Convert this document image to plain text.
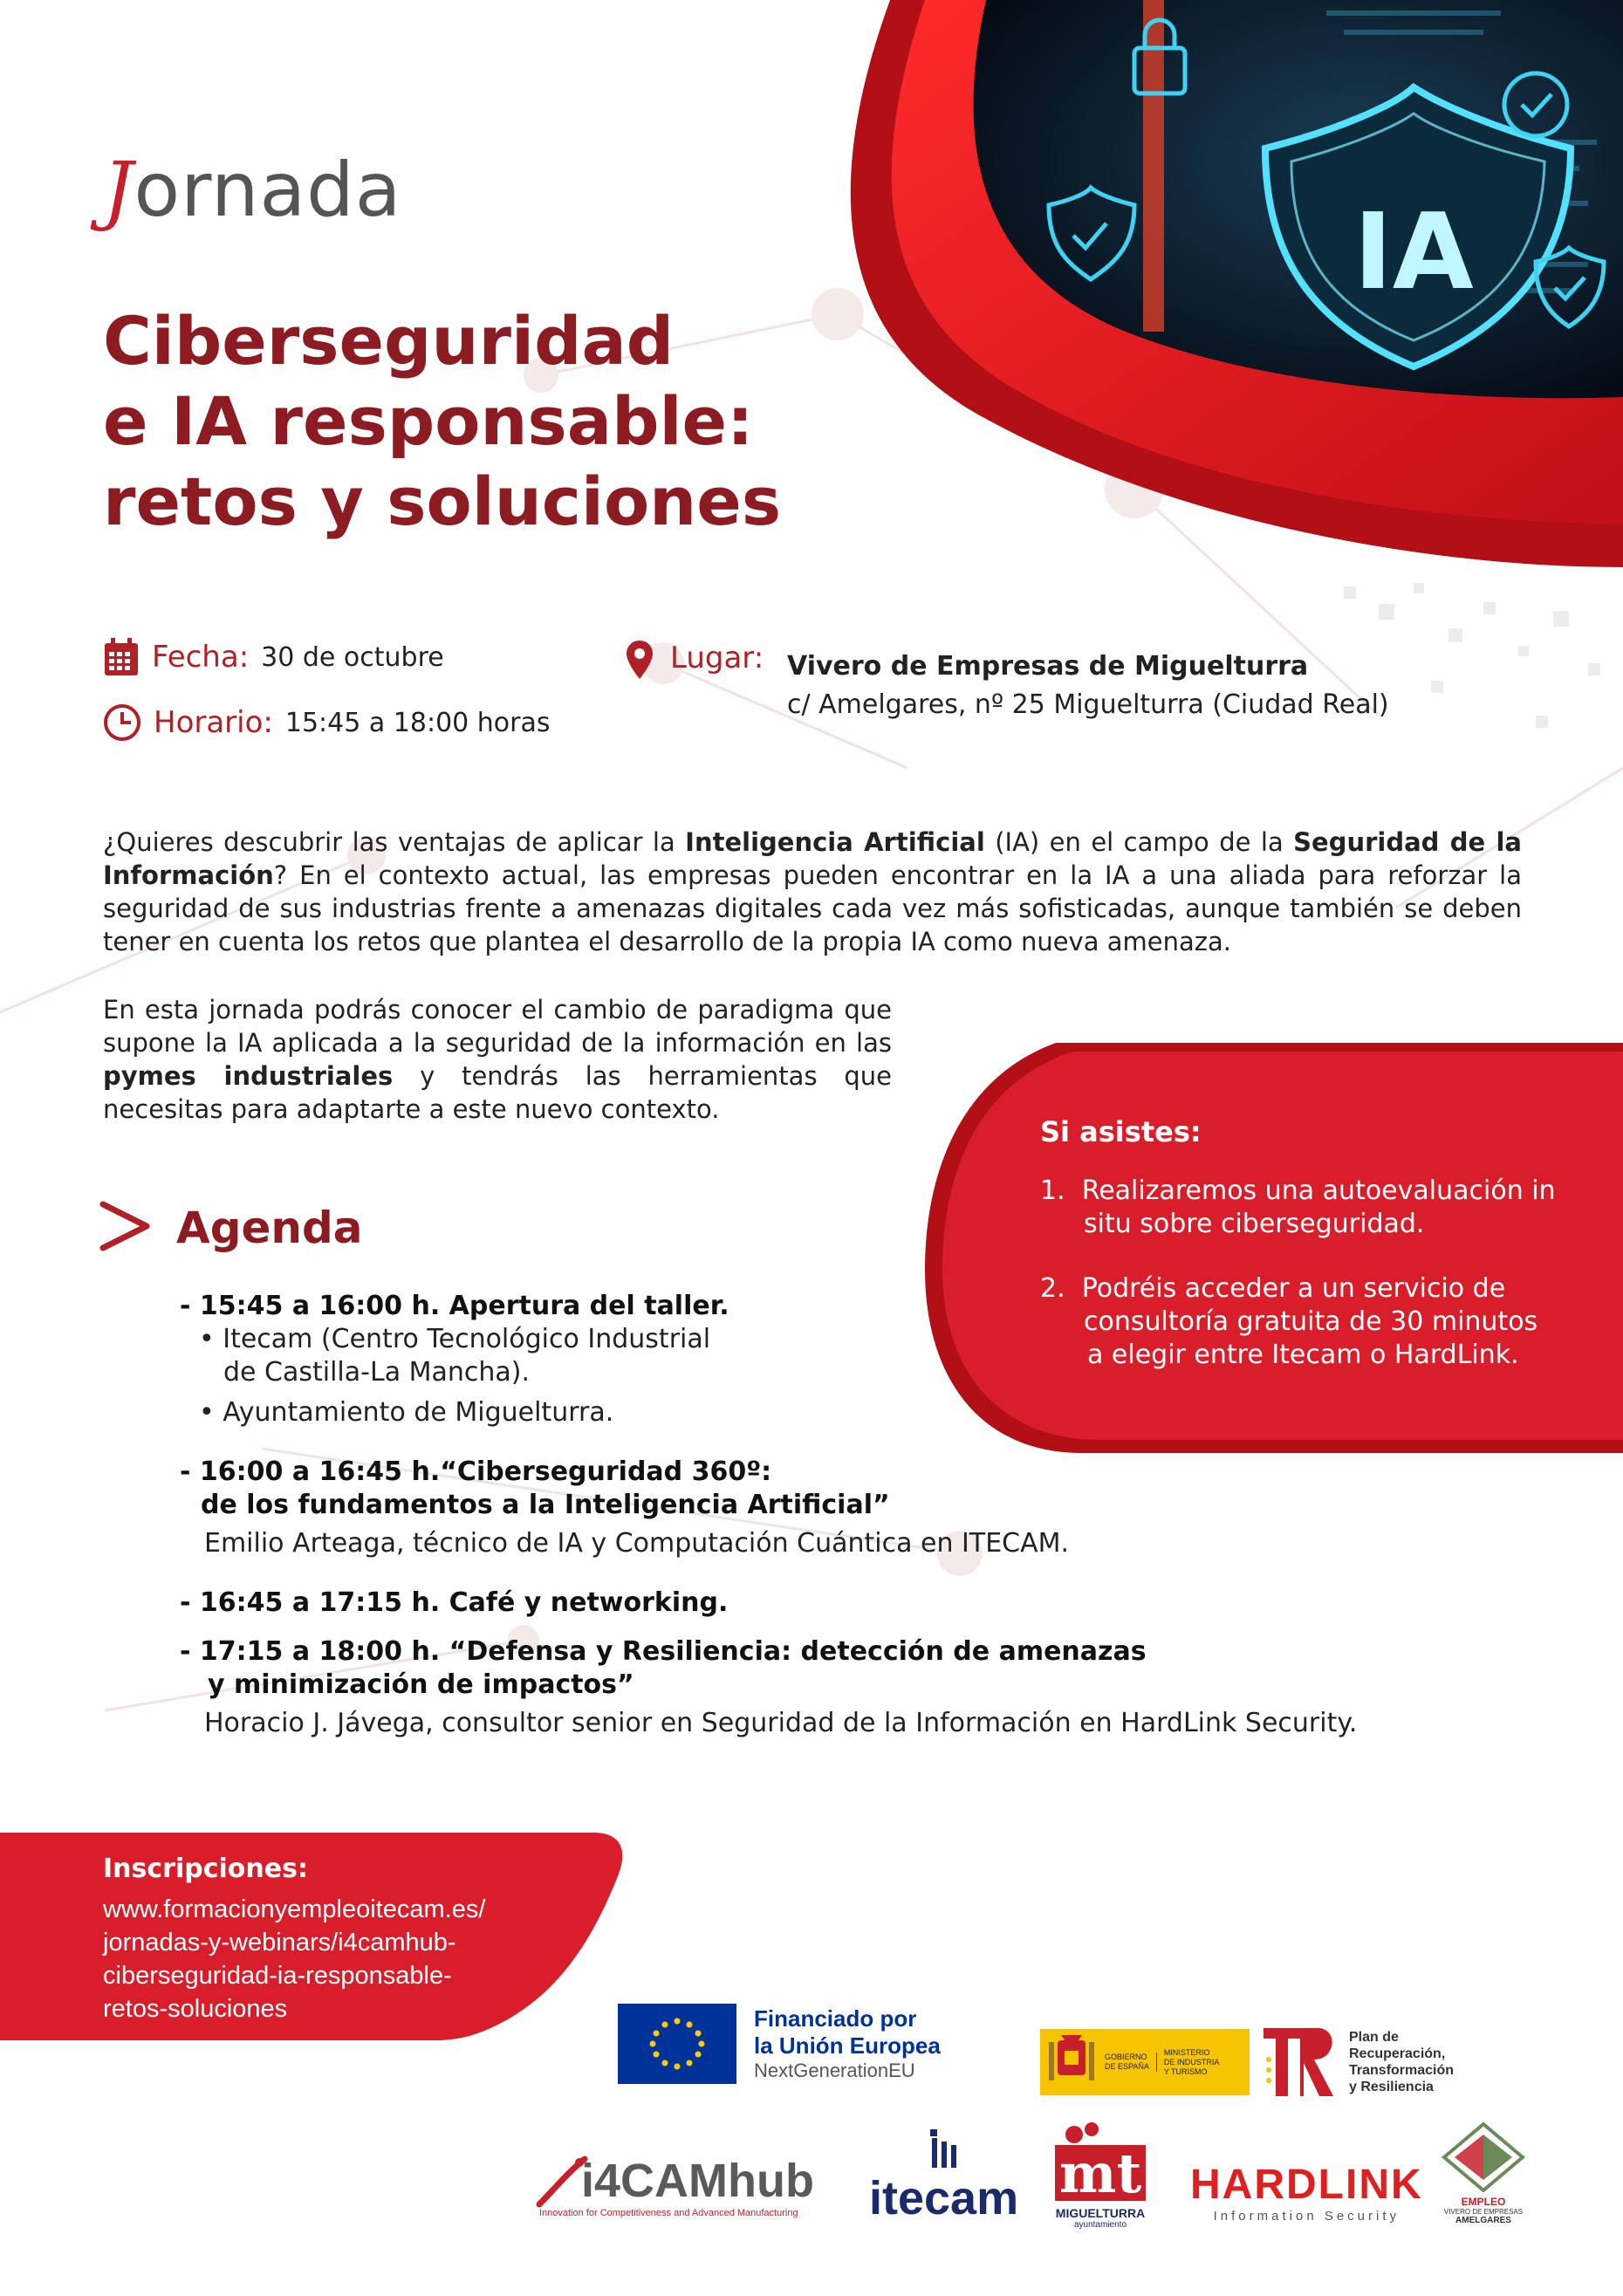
IA
Jornada
Ciberseguridad
e IA responsable:
retos y soluciones
Fecha: 30 de octubre
Horario: 15:45 a 18:00 horas
Lugar: Vivero de Empresas de Miguelturra
c/ Amelgares, nº 25 Miguelturra (Ciudad Real)
¿Quieres descubrir las ventajas de aplicar la Inteligencia Artificial (IA) en el campo de la Seguridad de la Información? En el contexto actual, las empresas pueden encontrar en la IA a una aliada para reforzar la seguridad de sus industrias frente a amenazas digitales cada vez más sofisticadas, aunque también se deben tener en cuenta los retos que plantea el desarrollo de la propia IA como nueva amenaza.
En esta jornada podrás conocer el cambio de paradigma que supone la IA aplicada a la seguridad de la información en las pymes industriales y tendrás las herramientas que necesitas para adaptarte a este nuevo contexto.
Si asistes:
1. Realizaremos una autoevaluación in
situ sobre ciberseguridad.
2. Podréis acceder a un servicio de
consultoría gratuita de 30 minutos
a elegir entre Itecam o HardLink.
Agenda
- 15:45 a 16:00 h. Apertura del taller.
• Itecam (Centro Tecnológico Industrial
de Castilla-La Mancha).
• Ayuntamiento de Miguelturra.
- 16:00 a 16:45 h.“Ciberseguridad 360º:
de los fundamentos a la Inteligencia Artificial”
Emilio Arteaga, técnico de IA y Computación Cuántica en ITECAM.
- 16:45 a 17:15 h. Café y networking.
- 17:15 a 18:00 h. “Defensa y Resiliencia: detección de amenazas
y minimización de impactos”
Horacio J. Jávega, consultor senior en Seguridad de la Información en HardLink Security.
Inscripciones:
www.formacionyempleoitecam.es/
jornadas-y-webinars/i4camhub-
ciberseguridad-ia-responsable-
retos-soluciones	Financiado por
la Unión Europea
NextGenerationEU
GOBIERNO
DE ESPAÑA
MINISTERIO
DE INDUSTRIA
Y TURISMO
Plan de
Recuperación,
Transformación
y Resiliencia
i4CAMhub
Innovation for Competitiveness and Advanced Manufacturing	itecam mt
MIGUELTURRA
ayuntamiento
HARDLINK
Information Security
EMPLEO
VIVERO DE EMPRESAS
AMELGARES
